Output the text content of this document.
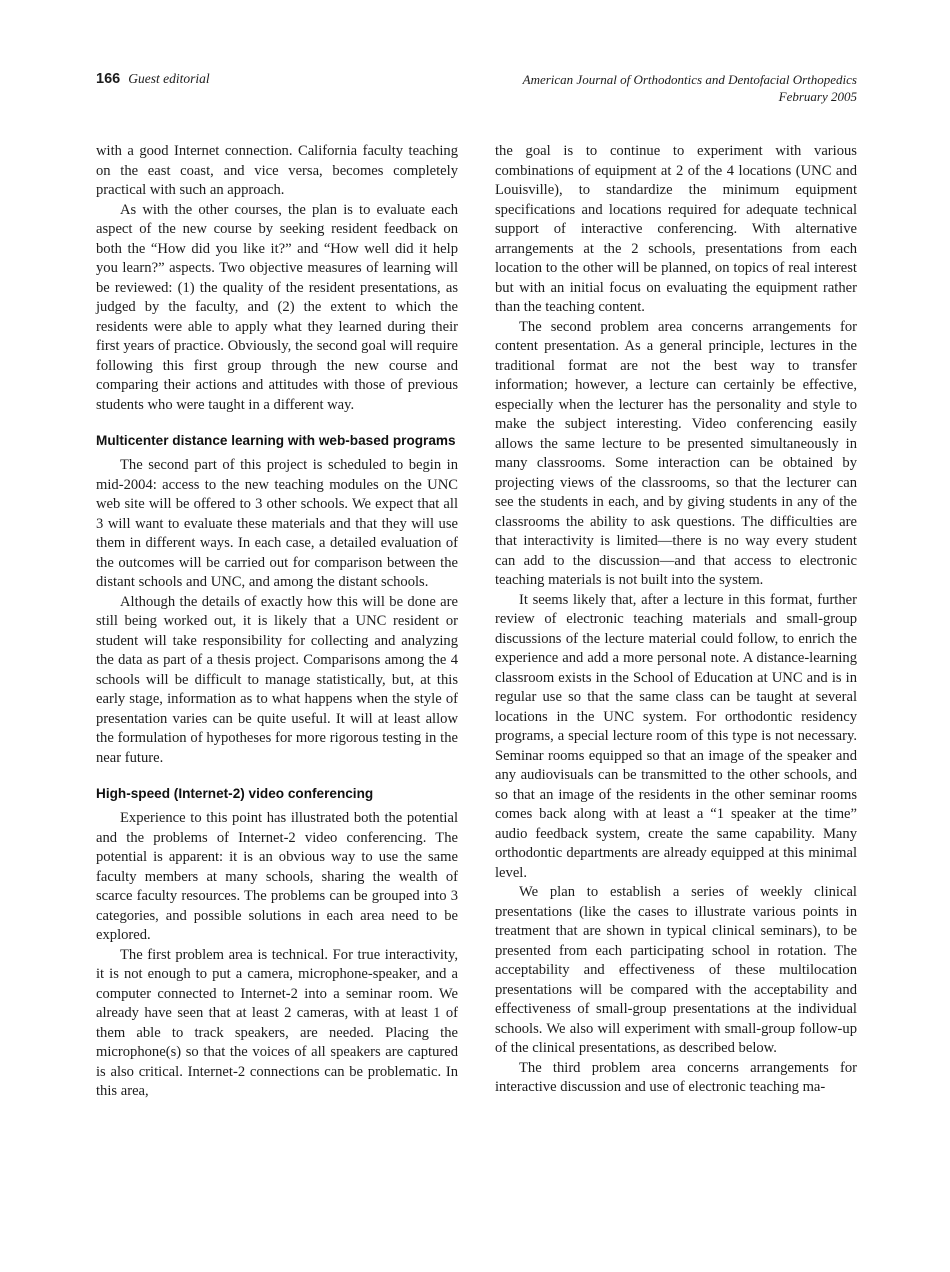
166 Guest editorial	American Journal of Orthodontics and Dentofacial Orthopedics
February 2005

with a good Internet connection. California faculty teaching on the east coast, and vice versa, becomes completely practical with such an approach.

As with the other courses, the plan is to evaluate each aspect of the new course by seeking resident feedback on both the “How did you like it?” and “How well did it help you learn?” aspects. Two objective measures of learning will be reviewed: (1) the quality of the resident presentations, as judged by the faculty, and (2) the extent to which the residents were able to apply what they learned during their first years of practice. Obviously, the second goal will require following this first group through the new course and comparing their actions and attitudes with those of previous students who were taught in a different way.

Multicenter distance learning with web-based programs

The second part of this project is scheduled to begin in mid-2004: access to the new teaching modules on the UNC web site will be offered to 3 other schools. We expect that all 3 will want to evaluate these materials and that they will use them in different ways. In each case, a detailed evaluation of the outcomes will be carried out for comparison between the distant schools and UNC, and among the distant schools.

Although the details of exactly how this will be done are still being worked out, it is likely that a UNC resident or student will take responsibility for collecting and analyzing the data as part of a thesis project. Comparisons among the 4 schools will be difficult to manage statistically, but, at this early stage, information as to what happens when the style of presentation varies can be quite useful. It will at least allow the formulation of hypotheses for more rigorous testing in the near future.

High-speed (Internet-2) video conferencing

Experience to this point has illustrated both the potential and the problems of Internet-2 video conferencing. The potential is apparent: it is an obvious way to use the same faculty members at many schools, sharing the wealth of scarce faculty resources. The problems can be grouped into 3 categories, and possible solutions in each area need to be explored.

The first problem area is technical. For true interactivity, it is not enough to put a camera, microphone-speaker, and a computer connected to Internet-2 into a seminar room. We already have seen that at least 2 cameras, with at least 1 of them able to track speakers, are needed. Placing the microphone(s) so that the voices of all speakers are captured is also critical. Internet-2 connections can be problematic. In this area,

the goal is to continue to experiment with various combinations of equipment at 2 of the 4 locations (UNC and Louisville), to standardize the minimum equipment specifications and locations required for adequate technical support of interactive conferencing. With alternative arrangements at the 2 schools, presentations from each location to the other will be planned, on topics of real interest but with an initial focus on evaluating the equipment rather than the teaching content.

The second problem area concerns arrangements for content presentation. As a general principle, lectures in the traditional format are not the best way to transfer information; however, a lecture can certainly be effective, especially when the lecturer has the personality and style to make the subject interesting. Video conferencing easily allows the same lecture to be presented simultaneously in many classrooms. Some interaction can be obtained by projecting views of the classrooms, so that the lecturer can see the students in each, and by giving students in any of the classrooms the ability to ask questions. The difficulties are that interactivity is limited—there is no way every student can add to the discussion—and that access to electronic teaching materials is not built into the system.

It seems likely that, after a lecture in this format, further review of electronic teaching materials and small-group discussions of the lecture material could follow, to enrich the experience and add a more personal note. A distance-learning classroom exists in the School of Education at UNC and is in regular use so that the same class can be taught at several locations in the UNC system. For orthodontic residency programs, a special lecture room of this type is not necessary. Seminar rooms equipped so that an image of the speaker and any audiovisuals can be transmitted to the other schools, and so that an image of the residents in the other seminar rooms comes back along with at least a “1 speaker at the time” audio feedback system, create the same capability. Many orthodontic departments are already equipped at this minimal level.

We plan to establish a series of weekly clinical presentations (like the cases to illustrate various points in treatment that are shown in typical clinical seminars), to be presented from each participating school in rotation. The acceptability and effectiveness of these multilocation presentations will be compared with the acceptability and effectiveness of small-group presentations at the individual schools. We also will experiment with small-group follow-up of the clinical presentations, as described below.

The third problem area concerns arrangements for interactive discussion and use of electronic teaching ma-
